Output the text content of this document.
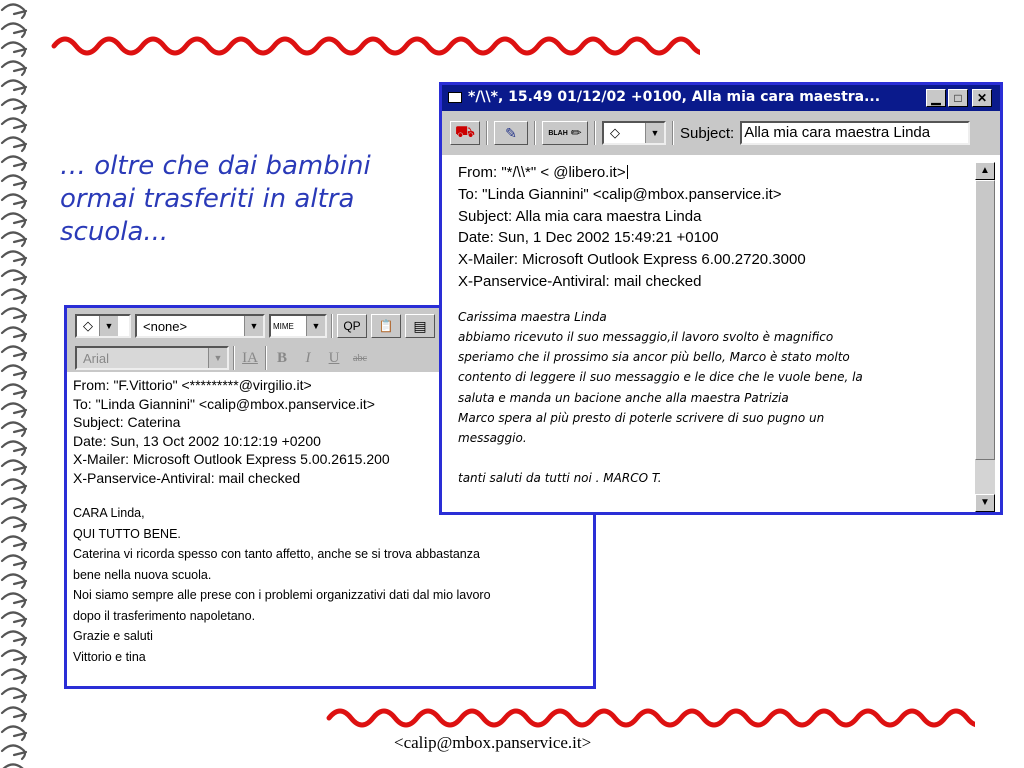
… oltre che dai bambini
ormai trasferiti in altra
scuola...
◇	▼	<none>	▼	MIME	▼	QP 📋 ▤
Arial	▼	IA	B	I	U	abc
From: "F.Vittorio" <*********@virgilio.it>
To: "Linda Giannini" <calip@mbox.panservice.it>
Subject: Caterina
Date: Sun, 13 Oct 2002 10:12:19 +0200
X-Mailer: Microsoft Outlook Express 5.00.2615.200
X-Panservice-Antiviral: mail checked
CARA Linda,
QUI TUTTO BENE.
Caterina vi ricorda spesso con tanto affetto, anche se si trova abbastanza
bene nella nuova scuola.
Noi siamo sempre alle prese con i problemi organizzativi dati dal mio lavoro
dopo il trasferimento napoletano.
Grazie e saluti
Vittorio e tina
*/\\*, 15.49 01/12/02 +0100, Alla mia cara maestra...	▁	□	✕
⛟ ✎	BLAH ✏	◇	▼	Subject: Alla mia cara maestra Linda
From: "*/\\*" < @libero.it>
To: "Linda Giannini" <calip@mbox.panservice.it>
Subject: Alla mia cara maestra Linda
Date: Sun, 1 Dec 2002 15:49:21 +0100
X-Mailer: Microsoft Outlook Express 6.00.2720.3000
X-Panservice-Antiviral: mail checked
Carissima maestra Linda
abbiamo ricevuto il suo messaggio,il lavoro svolto è magnifico
speriamo che il prossimo sia ancor più bello, Marco è stato molto
contento di leggere il suo messaggio e le dice che le vuole bene, la
saluta e manda un bacione anche alla maestra Patrizia
Marco spera al più presto di poterle scrivere di suo pugno un
messaggio.
tanti saluti da tutti noi . MARCO T.
▲
▼
<calip@mbox.panservice.it>
